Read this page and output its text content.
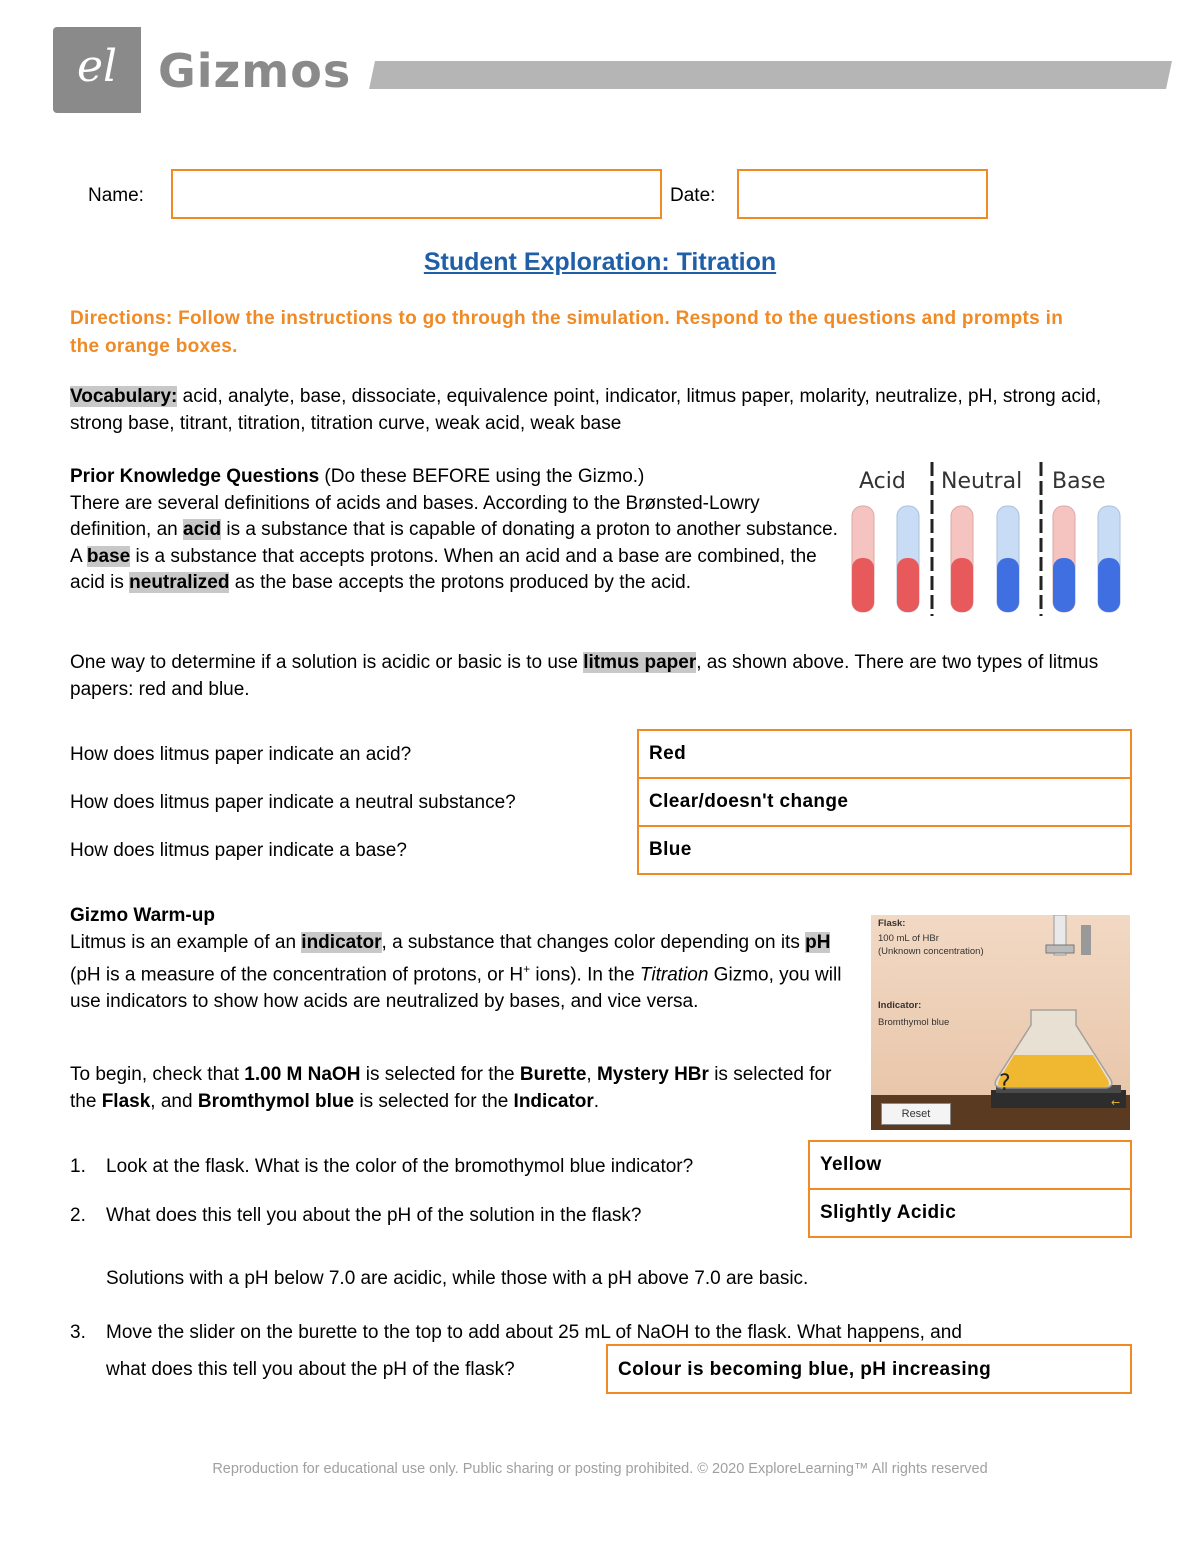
el Gizmos
Name:	Date:
Student Exploration: Titration
Directions: Follow the instructions to go through the simulation. Respond to the questions and prompts in the orange boxes.
Vocabulary: acid, analyte, base, dissociate, equivalence point, indicator, litmus paper, molarity, neutralize, pH, strong acid, strong base, titrant, titration, titration curve, weak acid, weak base
Prior Knowledge Questions (Do these BEFORE using the Gizmo.)
There are several definitions of acids and bases. According to the Brønsted-Lowry definition, an acid is a substance that is capable of donating a proton to another substance. A base is a substance that accepts protons. When an acid and a base are combined, the acid is neutralized as the base accepts the protons produced by the acid.
Acid Neutral Base
One way to determine if a solution is acidic or basic is to use litmus paper, as shown above. There are two types of litmus papers: red and blue.
How does litmus paper indicate an acid?
How does litmus paper indicate a neutral substance?
How does litmus paper indicate a base?
Red
Clear/doesn't change
Blue
Gizmo Warm-up
Litmus is an example of an indicator, a substance that changes color depending on its pH (pH is a measure of the concentration of protons, or H+ ions). In the Titration Gizmo, you will use indicators to show how acids are neutralized by bases, and vice versa.
To begin, check that 1.00 M NaOH is selected for the Burette, Mystery HBr is selected for the Flask, and Bromthymol blue is selected for the Indicator.
?
←
Flask:
100 mL of HBr
(Unknown concentration)
Indicator:
Bromthymol blue
Reset
1. Look at the flask. What is the color of the bromothymol blue indicator?
2. What does this tell you about the pH of the solution in the flask?
Yellow
Slightly Acidic
Solutions with a pH below 7.0 are acidic, while those with a pH above 7.0 are basic.
3. Move the slider on the burette to the top to add about 25 mL of NaOH to the flask. What happens, and
what does this tell you about the pH of the flask?	Colour is becoming blue, pH increasing
Reproduction for educational use only. Public sharing or posting prohibited. © 2020 ExploreLearning™ All rights reserved
